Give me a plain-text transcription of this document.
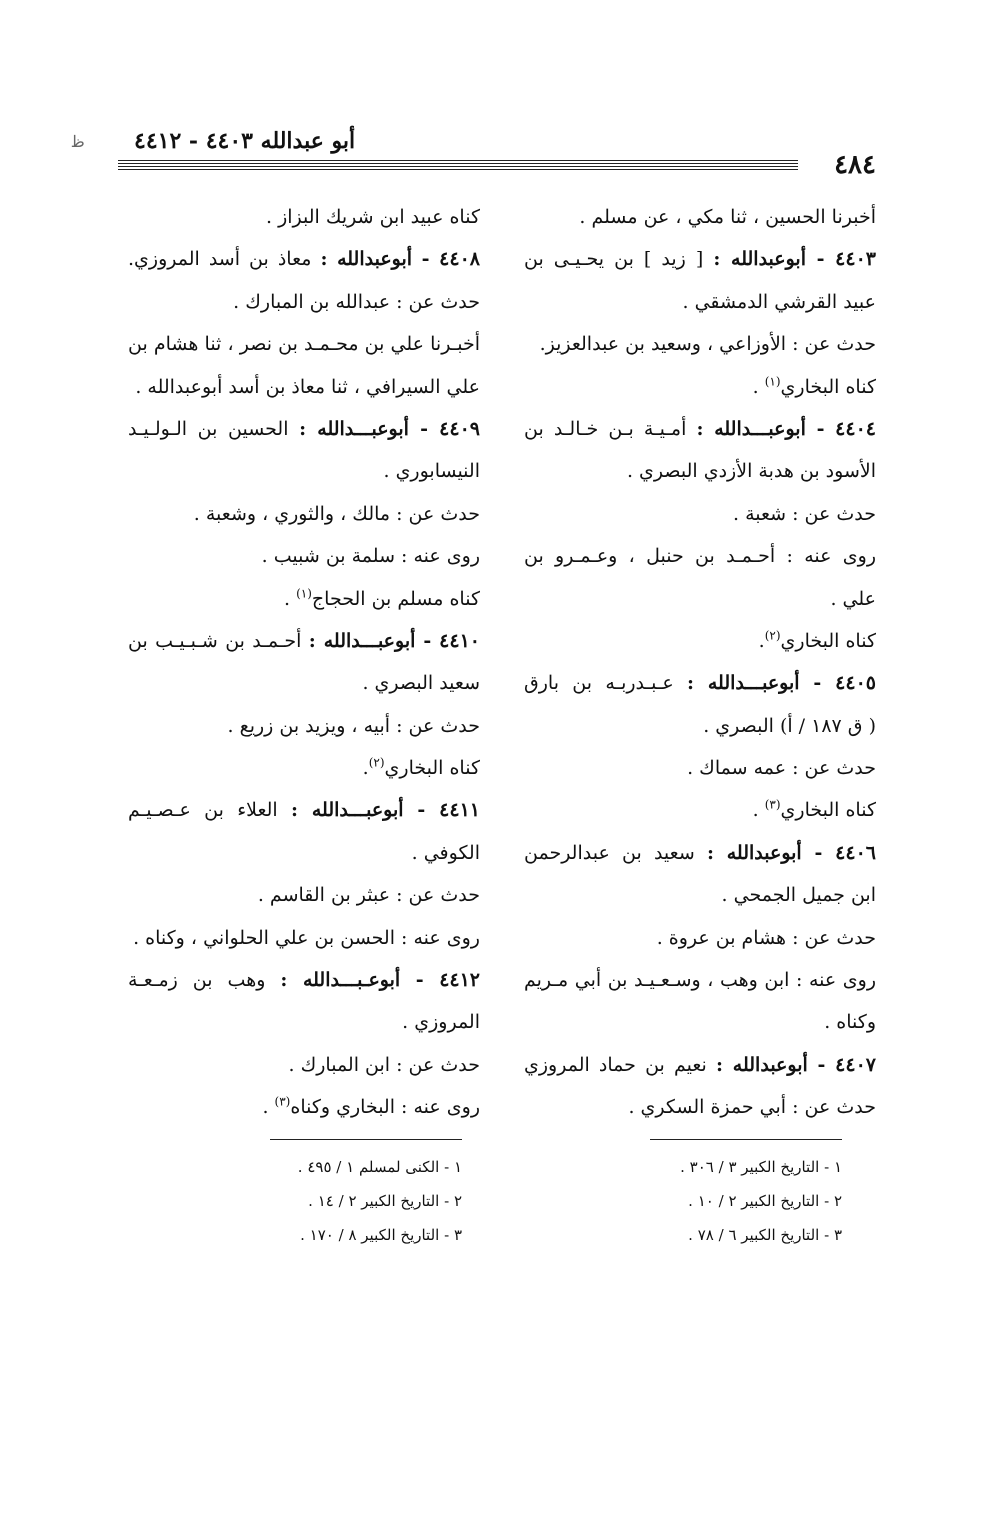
ﻇ
٤٨٤
أبو عبدالله ٤٤٠٣ - ٤٤١٢
أخبرنا الحسين ، ثنا مكي ، عن مسلم .
٤٤٠٣ - أبوعبدالله : [ زيد ] بن يحـيـى بن
عبيد القرشي الدمشقي .
حدث عن : الأوزاعي ، وسعيد بن عبدالعزيز.
كناه البخاري$^{(١)}$ .
٤٤٠٤ - أبوعبـــدالله : أمـيـة بـن خـالـد بن
الأسود بن هدبة الأزدي البصري .
حدث عن : شعبة .
روى عنه : أحـمـد بن حنبل ، وعـمـرو بن
علي .
كناه البخاري$^{(٢)}$.
٤٤٠٥ - أبوعبـــدالله : عـبـدربـه بن بارق
( ق ١٨٧ / أ) البصري .
حدث عن : عمه سماك .
كناه البخاري$^{(٣)}$ .
٤٤٠٦ - أبوعبدالله : سعيد بن عبدالرحمن
ابن جميل الجمحي .
حدث عن : هشام بن عروة .
روى عنه : ابن وهب ، وسـعـيـد بن أبي مـريم
وكناه .
٤٤٠٧ - أبوعبدالله : نعيم بن حماد المروزي
حدث عن : أبي حمزة السكري .
كناه عبيد ابن شريك البزاز .
٤٤٠٨ - أبوعبدالله : معاذ بن أسد المروزي.
حدث عن : عبدالله بن المبارك .
أخبـرنا علي بن محـمـد بن نصر ، ثنا هشام بن
علي السيرافي ، ثنا معاذ بن أسد أبوعبدالله .
٤٤٠٩ - أبوعبـــدالله : الحسين بن الـولـيـد
النيسابوري .
حدث عن : مالك ، والثوري ، وشعبة .
روى عنه : سلمة بن شبيب .
كناه مسلم بن الحجاج$^{(١)}$ .
٤٤١٠ - أبوعبـــدالله : أحـمـد بن شـبـيـب بن
سعيد البصري .
حدث عن : أبيه ، ويزيد بن زريع .
كناه البخاري$^{(٢)}$.
٤٤١١ - أبوعبـــدالله : العلاء بن عـصـيـم
الكوفي .
حدث عن : عبثر بن القاسم .
روى عنه : الحسن بن علي الحلواني ، وكناه .
٤٤١٢ - أبوعـبـــدالله : وهب بن زمـعـة
المروزي .
حدث عن : ابن المبارك .
روى عنه : البخاري وكناه$^{(٣)}$ .
١ - التاريخ الكبير ٣ / ٣٠٦ .
٢ - التاريخ الكبير ٢ / ١٠ .
٣ - التاريخ الكبير ٦ / ٧٨ .
١ - الكنى لمسلم ١ / ٤٩٥ .
٢ - التاريخ الكبير ٢ / ١٤ .
٣ - التاريخ الكبير ٨ / ١٧٠ .
